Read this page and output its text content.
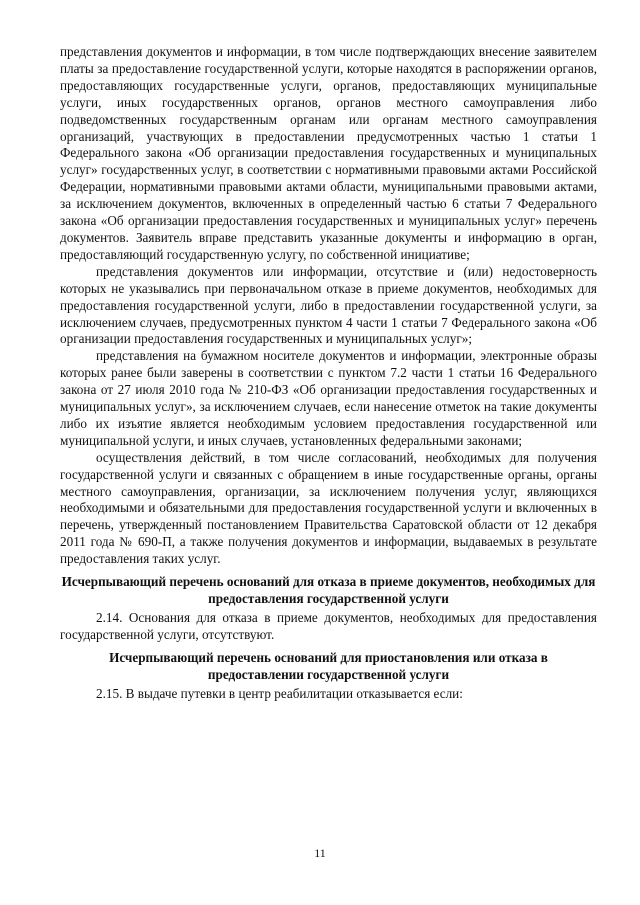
представления документов и информации, в том числе подтверждающих внесение заявителем платы за предоставление государственной услуги, которые находятся в распоряжении органов, предоставляющих государственные услуги, органов, предоставляющих муниципальные услуги, иных государственных органов, органов местного самоуправления либо подведомственных государственным органам или органам местного самоуправления организаций, участвующих в предоставлении предусмотренных частью 1 статьи 1 Федерального закона «Об организации предоставления государственных и муниципальных услуг» государственных услуг, в соответствии с нормативными правовыми актами Российской Федерации, нормативными правовыми актами области, муниципальными правовыми актами, за исключением документов, включенных в определенный частью 6 статьи 7 Федерального закона «Об организации предоставления государственных и муниципальных услуг» перечень документов. Заявитель вправе представить указанные документы и информацию в орган, предоставляющий государственную услугу, по собственной инициативе;

представления документов или информации, отсутствие и (или) недостоверность которых не указывались при первоначальном отказе в приеме документов, необходимых для предоставления государственной услуги, либо в предоставлении государственной услуги, за исключением случаев, предусмотренных пунктом 4 части 1 статьи 7 Федерального закона «Об организации предоставления государственных и муниципальных услуг»;

представления на бумажном носителе документов и информации, электронные образы которых ранее были заверены в соответствии с пунктом 7.2 части 1 статьи 16 Федерального закона от 27 июля 2010 года № 210-ФЗ «Об организации предоставления государственных и муниципальных услуг», за исключением случаев, если нанесение отметок на такие документы либо их изъятие является необходимым условием предоставления государственной или муниципальной услуги, и иных случаев, установленных федеральными законами;

осуществления действий, в том числе согласований, необходимых для получения государственной услуги и связанных с обращением в иные государственные органы, органы местного самоуправления, организации, за исключением получения услуг, являющихся необходимыми и обязательными для предоставления государственной услуги и включенных в перечень, утвержденный постановлением Правительства Саратовской области от 12 декабря 2011 года № 690-П, а также получения документов и информации, выдаваемых в результате предоставления таких услуг.

Исчерпывающий перечень оснований для отказа в приеме документов, необходимых для предоставления государственной услуги

2.14. Основания для отказа в приеме документов, необходимых для предоставления государственной услуги, отсутствуют.

Исчерпывающий перечень оснований для приостановления или отказа в предоставлении государственной услуги

2.15. В выдаче путевки в центр реабилитации отказывается если:

11
